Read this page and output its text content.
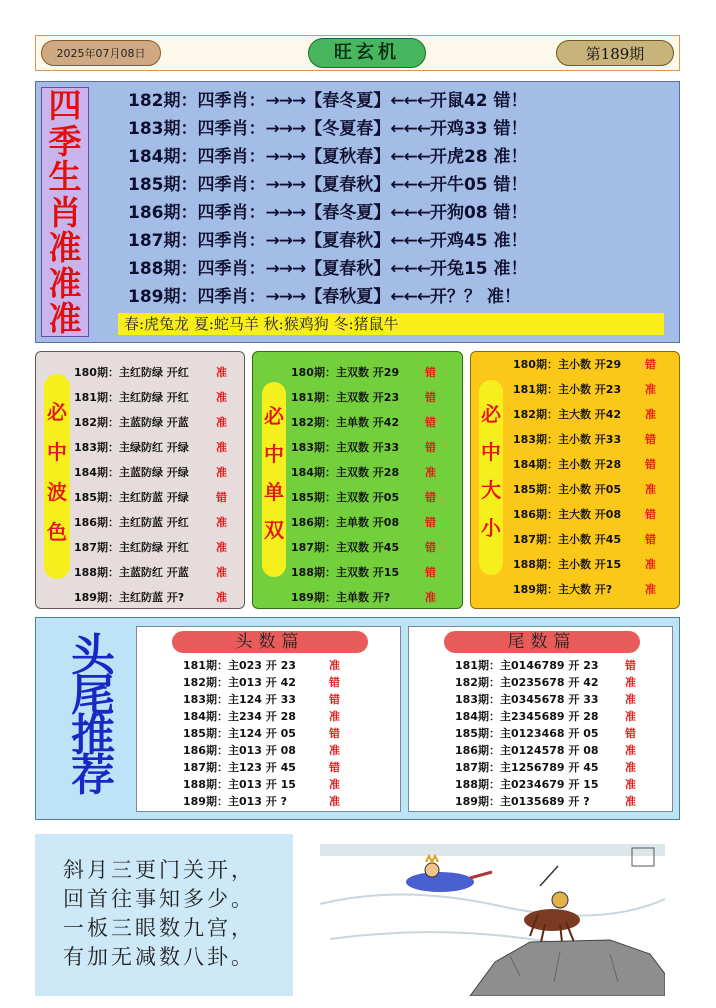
2025年07月08日	旺玄机	第189期
四
季
生
肖
准
准
准
182期：四季肖：→→→【春冬夏】←←←开鼠42 错！
183期：四季肖：→→→【冬夏春】←←←开鸡33 错！
184期：四季肖：→→→【夏秋春】←←←开虎28 准！
185期：四季肖：→→→【夏春秋】←←←开牛05 错！
186期：四季肖：→→→【春冬夏】←←←开狗08 错！
187期：四季肖：→→→【夏春秋】←←←开鸡45 准！
188期：四季肖：→→→【夏春秋】←←←开兔15 准！
189期：四季肖：→→→【春秋夏】←←←开？？ 准！
春:虎兔龙 夏:蛇马羊 秋:猴鸡狗 冬:猪鼠牛
必
中
波
色
180期：主红防绿 开红 准
181期：主红防绿 开红 准
182期：主蓝防绿 开蓝 准
183期：主绿防红 开绿 准
184期：主蓝防绿 开绿 准
185期：主红防蓝 开绿 错
186期：主红防蓝 开红 准
187期：主红防绿 开红 准
188期：主蓝防红 开蓝 准
189期：主红防蓝 开?	准
必
中
单
双
180期：主双数 开29 错
181期：主双数 开23 错
182期：主单数 开42 错
183期：主双数 开33 错
184期：主双数 开28 准
185期：主双数 开05 错
186期：主单数 开08 错
187期：主双数 开45 错
188期：主双数 开15 错
189期：主单数 开?	准
必
中
大
小
180期：主小数 开29 错
181期：主小数 开23 准
182期：主大数 开42 准
183期：主小数 开33 错
184期：主小数 开28 错
185期：主小数 开05 准
186期：主大数 开08 错
187期：主小数 开45 错
188期：主小数 开15 准
189期：主大数 开?	准
头
尾
推
荐
头数篇
181期：主023 开 23	准
182期：主013 开 42	错
183期：主124 开 33	错
184期：主234 开 28	准
185期：主124 开 05	错
186期：主013 开 08	准
187期：主123 开 45	错
188期：主013 开 15	准
189期：主013 开 ?	准
尾数篇
181期：主0146789 开 23 错
182期：主0235678 开 42 准
183期：主0345678 开 33 准
184期：主2345689 开 28 准
185期：主0123468 开 05 错
186期：主0124578 开 08 准
187期：主1256789 开 45 准
188期：主0234679 开 15 准
189期：主0135689 开 ?	准
斜月三更门关开，
回首往事知多少。
一板三眼数九宫，
有加无减数八卦。
